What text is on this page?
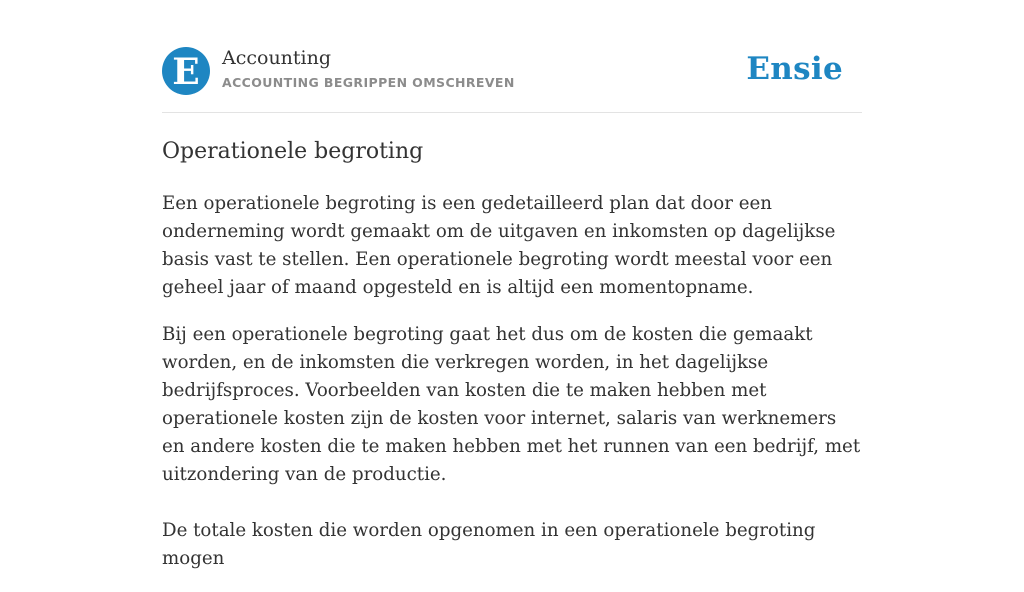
E Accounting
ACCOUNTING BEGRIPPEN OMSCHREVEN	Ensie
Operationele begroting

Een operationele begroting is een gedetailleerd plan dat door een onderneming wordt gemaakt om de uitgaven en inkomsten op dagelijkse basis vast te stellen. Een operationele begroting wordt meestal voor een geheel jaar of maand opgesteld en is altijd een momentopname.

Bij een operationele begroting gaat het dus om de kosten die gemaakt worden, en de inkomsten die verkregen worden, in het dagelijkse bedrijfsproces. Voorbeelden van kosten die te maken hebben met operationele kosten zijn de kosten voor internet, salaris van werknemers en andere kosten die te maken hebben met het runnen van een bedrijf, met uitzondering van de productie.

De totale kosten die worden opgenomen in een operationele begroting mogen
